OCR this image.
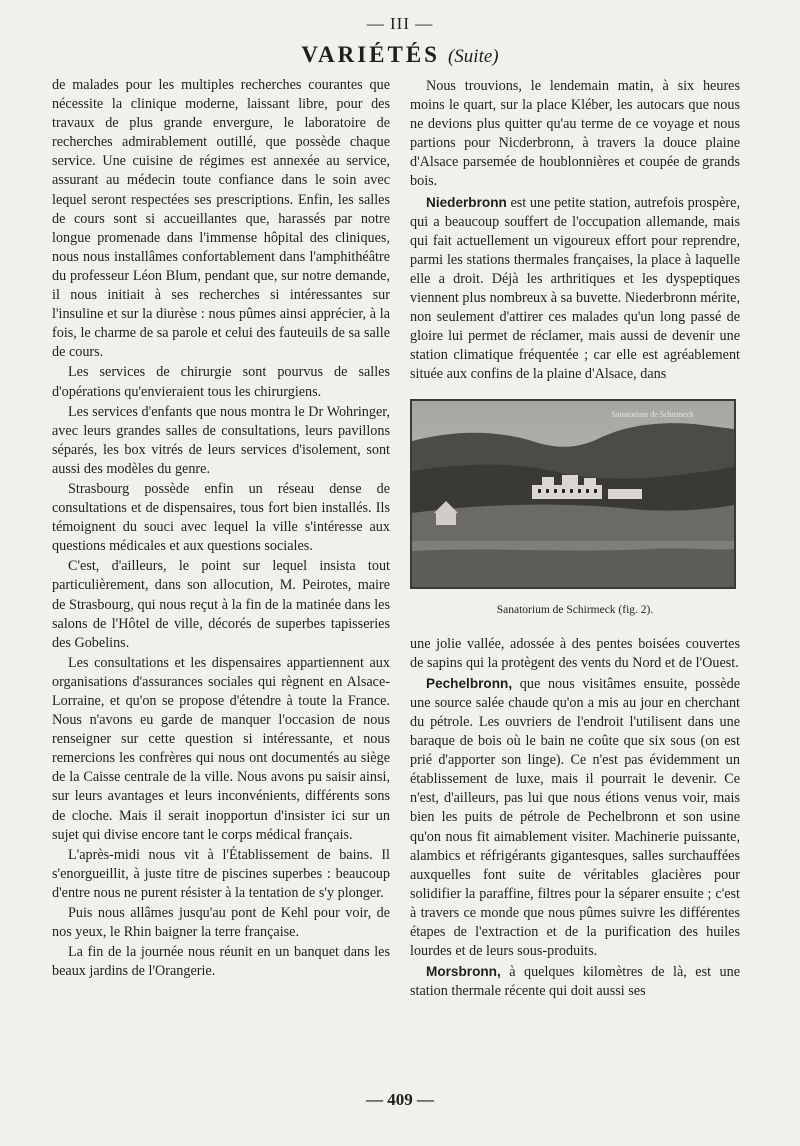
— III —
VARIÉTÉS (Suite)

de malades pour les multiples recherches courantes que nécessite la clinique moderne, laissant libre, pour des travaux de plus grande envergure, le laboratoire de recherches admirablement outillé, que possède chaque service. Une cuisine de régimes est annexée au service, assurant au médecin toute confiance dans le soin avec lequel seront respectées ses prescriptions. Enfin, les salles de cours sont si accueillantes que, harassés par notre longue promenade dans l'immense hôpital des cliniques, nous nous installâmes confortablement dans l'amphithéâtre du professeur Léon Blum, pendant que, sur notre demande, il nous initiait à ses recherches si intéressantes sur l'insuline et sur la diurèse : nous pûmes ainsi apprécier, à la fois, le charme de sa parole et celui des fauteuils de sa salle de cours.

Les services de chirurgie sont pourvus de salles d'opérations qu'envieraient tous les chirurgiens.

Les services d'enfants que nous montra le Dr Wohringer, avec leurs grandes salles de consultations, leurs pavillons séparés, les box vitrés de leurs services d'isolement, sont aussi des modèles du genre.

Strasbourg possède enfin un réseau dense de consultations et de dispensaires, tous fort bien installés. Ils témoignent du souci avec lequel la ville s'intéresse aux questions médicales et aux questions sociales.

C'est, d'ailleurs, le point sur lequel insista tout particulièrement, dans son allocution, M. Peirotes, maire de Strasbourg, qui nous reçut à la fin de la matinée dans les salons de l'Hôtel de ville, décorés de superbes tapisseries des Gobelins.

Les consultations et les dispensaires appartiennent aux organisations d'assurances sociales qui règnent en Alsace-Lorraine, et qu'on se propose d'étendre à toute la France. Nous n'avons eu garde de manquer l'occasion de nous renseigner sur cette question si intéressante, et nous remercions les confrères qui nous ont documentés au siège de la Caisse centrale de la ville. Nous avons pu saisir ainsi, sur leurs avantages et leurs inconvénients, différents sons de cloche. Mais il serait inopportun d'insister ici sur un sujet qui divise encore tant le corps médical français.

L'après-midi nous vit à l'Établissement de bains. Il s'enorgueillit, à juste titre de piscines superbes : beaucoup d'entre nous ne purent résister à la tentation de s'y plonger.

Puis nous allâmes jusqu'au pont de Kehl pour voir, de nos yeux, le Rhin baigner la terre française.

La fin de la journée nous réunit en un banquet dans les beaux jardins de l'Orangerie.

Nous trouvions, le lendemain matin, à six heures moins le quart, sur la place Kléber, les autocars que nous ne devions plus quitter qu'au terme de ce voyage et nous partions pour Nicderbronn, à travers la douce plaine d'Alsace parsemée de houblonnières et coupée de grands bois.

Niederbronn est une petite station, autrefois prospère, qui a beaucoup souffert de l'occupation allemande, mais qui fait actuellement un vigoureux effort pour reprendre, parmi les stations thermales françaises, la place à laquelle elle a droit. Déjà les arthritiques et les dyspeptiques viennent plus nombreux à sa buvette. Niederbronn mérite, non seulement d'attirer ces malades qu'un long passé de gloire lui permet de réclamer, mais aussi de devenir une station climatique fréquentée ; car elle est agréablement située aux confins de la plaine d'Alsace, dans

Sanatorium de Schirmeck
Sanatorium de Schirmeck (fig. 2).

une jolie vallée, adossée à des pentes boisées couvertes de sapins qui la protègent des vents du Nord et de l'Ouest.

Pechelbronn, que nous visitâmes ensuite, possède une source salée chaude qu'on a mis au jour en cherchant du pétrole. Les ouvriers de l'endroit l'utilisent dans une baraque de bois où le bain ne coûte que six sous (on est prié d'apporter son linge). Ce n'est pas évidemment un établissement de luxe, mais il pourrait le devenir. Ce n'est, d'ailleurs, pas lui que nous étions venus voir, mais bien les puits de pétrole de Pechelbronn et son usine qu'on nous fit aimablement visiter. Machinerie puissante, alambics et réfrigérants gigantesques, salles surchauffées auxquelles font suite de véritables glacières pour solidifier la paraffine, filtres pour la séparer ensuite ; c'est à travers ce monde que nous pûmes suivre les différentes étapes de l'extraction et de la purification des huiles lourdes et de leurs sous-produits.

Morsbronn, à quelques kilomètres de là, est une station thermale récente qui doit aussi ses

— 409 —
